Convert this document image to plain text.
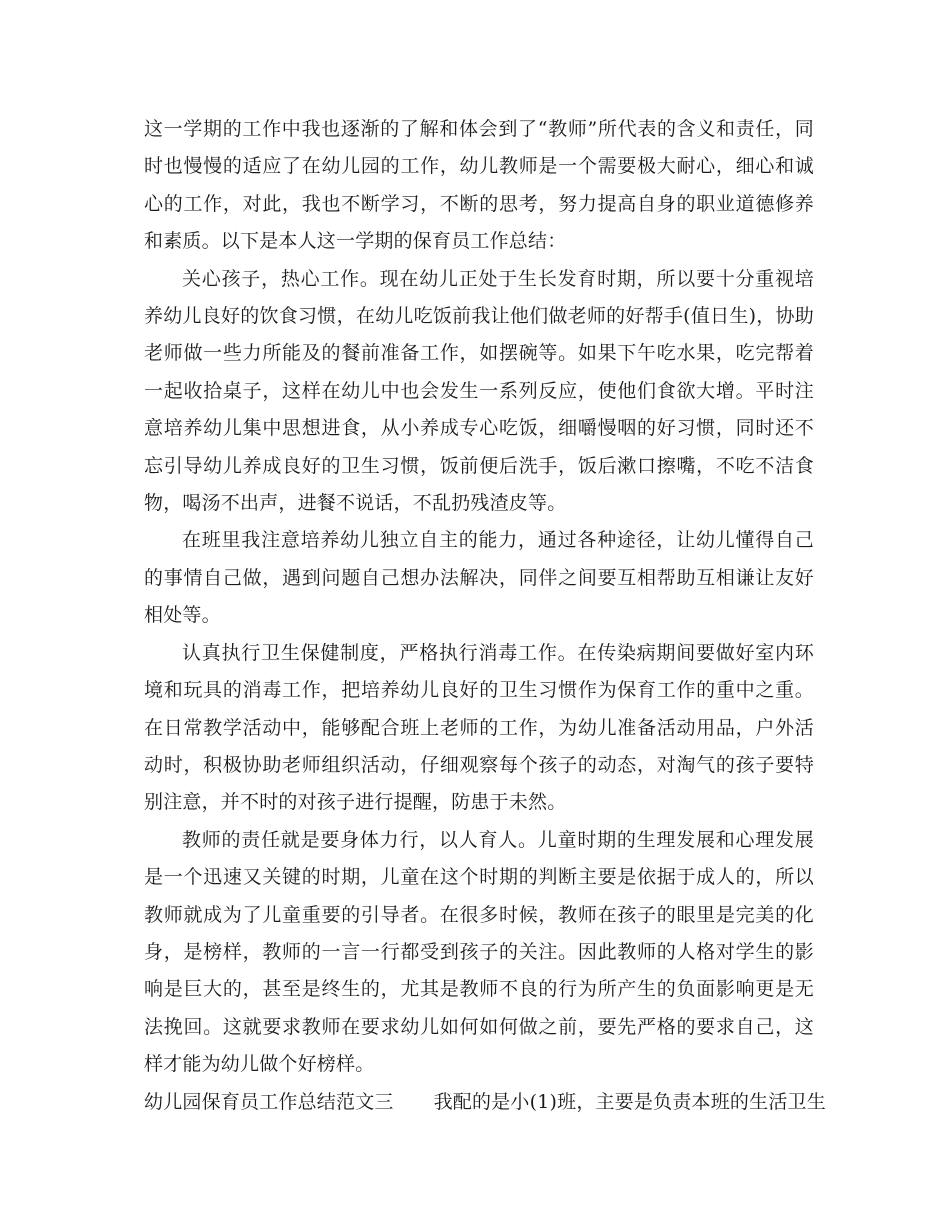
这一学期的工作中我也逐渐的了解和体会到了“教师”所代表的含义和责任，同时也慢慢的适应了在幼儿园的工作，幼儿教师是一个需要极大耐心，细心和诚心的工作，对此，我也不断学习，不断的思考，努力提高自身的职业道德修养和素质。以下是本人这一学期的保育员工作总结：

关心孩子，热心工作。现在幼儿正处于生长发育时期，所以要十分重视培养幼儿良好的饮食习惯，在幼儿吃饭前我让他们做老师的好帮手(值日生)，协助老师做一些力所能及的餐前准备工作，如摆碗等。如果下午吃水果，吃完帮着一起收拾桌子，这样在幼儿中也会发生一系列反应，使他们食欲大增。平时注意培养幼儿集中思想进食，从小养成专心吃饭，细嚼慢咽的好习惯，同时还不忘引导幼儿养成良好的卫生习惯，饭前便后洗手，饭后漱口擦嘴，不吃不洁食物，喝汤不出声，进餐不说话，不乱扔残渣皮等。

在班里我注意培养幼儿独立自主的能力，通过各种途径，让幼儿懂得自己的事情自己做，遇到问题自己想办法解决，同伴之间要互相帮助互相谦让友好相处等。

认真执行卫生保健制度，严格执行消毒工作。在传染病期间要做好室内环境和玩具的消毒工作，把培养幼儿良好的卫生习惯作为保育工作的重中之重。在日常教学活动中，能够配合班上老师的工作，为幼儿准备活动用品，户外活动时，积极协助老师组织活动，仔细观察每个孩子的动态，对淘气的孩子要特别注意，并不时的对孩子进行提醒，防患于未然。

教师的责任就是要身体力行，以人育人。儿童时期的生理发展和心理发展是一个迅速又关键的时期，儿童在这个时期的判断主要是依据于成人的，所以教师就成为了儿童重要的引导者。在很多时候，教师在孩子的眼里是完美的化身，是榜样，教师的一言一行都受到孩子的关注。因此教师的人格对学生的影响是巨大的，甚至是终生的，尤其是教师不良的行为所产生的负面影响更是无法挽回。这就要求教师在要求幼儿如何如何做之前，要先严格的要求自己，这样才能为幼儿做个好榜样。

幼儿园保育员工作总结范文三 我配的是小(1)班，主要是负责本班的生活卫生
